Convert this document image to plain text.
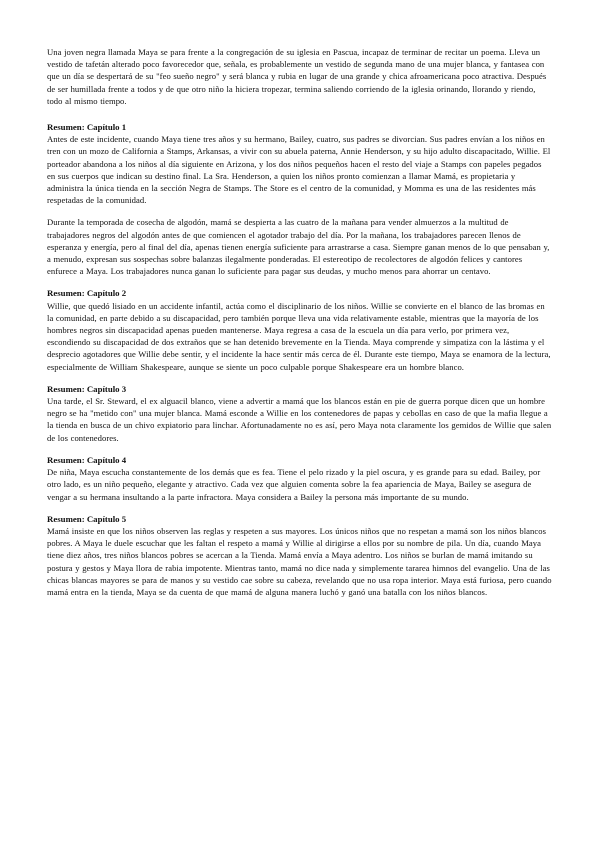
Una joven negra llamada Maya se para frente a la congregación de su iglesia en Pascua, incapaz de terminar de recitar un poema. Lleva un vestido de tafetán alterado poco favorecedor que, señala, es probablemente un vestido de segunda mano de una mujer blanca, y fantasea con que un día se despertará de su "feo sueño negro" y será blanca y rubia en lugar de una grande y chica afroamericana poco atractiva. Después de ser humillada frente a todos y de que otro niño la hiciera tropezar, termina saliendo corriendo de la iglesia orinando, llorando y riendo, todo al mismo tiempo.

Resumen: Capítulo 1

Antes de este incidente, cuando Maya tiene tres años y su hermano, Bailey, cuatro, sus padres se divorcian. Sus padres envían a los niños en tren con un mozo de California a Stamps, Arkansas, a vivir con su abuela paterna, Annie Henderson, y su hijo adulto discapacitado, Willie. El porteador abandona a los niños al día siguiente en Arizona, y los dos niños pequeños hacen el resto del viaje a Stamps con papeles pegados en sus cuerpos que indican su destino final. La Sra. Henderson, a quien los niños pronto comienzan a llamar Mamá, es propietaria y administra la única tienda en la sección Negra de Stamps. The Store es el centro de la comunidad, y Momma es una de las residentes más respetadas de la comunidad.

Durante la temporada de cosecha de algodón, mamá se despierta a las cuatro de la mañana para vender almuerzos a la multitud de trabajadores negros del algodón antes de que comiencen el agotador trabajo del día. Por la mañana, los trabajadores parecen llenos de esperanza y energía, pero al final del día, apenas tienen energía suficiente para arrastrarse a casa. Siempre ganan menos de lo que pensaban y, a menudo, expresan sus sospechas sobre balanzas ilegalmente ponderadas. El estereotipo de recolectores de algodón felices y cantores enfurece a Maya. Los trabajadores nunca ganan lo suficiente para pagar sus deudas, y mucho menos para ahorrar un centavo.

Resumen: Capítulo 2

Willie, que quedó lisiado en un accidente infantil, actúa como el disciplinario de los niños. Willie se convierte en el blanco de las bromas en la comunidad, en parte debido a su discapacidad, pero también porque lleva una vida relativamente estable, mientras que la mayoría de los hombres negros sin discapacidad apenas pueden mantenerse. Maya regresa a casa de la escuela un día para verlo, por primera vez, escondiendo su discapacidad de dos extraños que se han detenido brevemente en la Tienda. Maya comprende y simpatiza con la lástima y el desprecio agotadores que Willie debe sentir, y el incidente la hace sentir más cerca de él. Durante este tiempo, Maya se enamora de la lectura, especialmente de William Shakespeare, aunque se siente un poco culpable porque Shakespeare era un hombre blanco.

Resumen: Capítulo 3

Una tarde, el Sr. Steward, el ex alguacil blanco, viene a advertir a mamá que los blancos están en pie de guerra porque dicen que un hombre negro se ha "metido con" una mujer blanca. Mamá esconde a Willie en los contenedores de papas y cebollas en caso de que la mafia llegue a la tienda en busca de un chivo expiatorio para linchar. Afortunadamente no es así, pero Maya nota claramente los gemidos de Willie que salen de los contenedores.

Resumen: Capítulo 4

De niña, Maya escucha constantemente de los demás que es fea. Tiene el pelo rizado y la piel oscura, y es grande para su edad. Bailey, por otro lado, es un niño pequeño, elegante y atractivo. Cada vez que alguien comenta sobre la fea apariencia de Maya, Bailey se asegura de vengar a su hermana insultando a la parte infractora. Maya considera a Bailey la persona más importante de su mundo.

Resumen: Capítulo 5

Mamá insiste en que los niños observen las reglas y respeten a sus mayores. Los únicos niños que no respetan a mamá son los niños blancos pobres. A Maya le duele escuchar que les faltan el respeto a mamá y Willie al dirigirse a ellos por su nombre de pila. Un día, cuando Maya tiene diez años, tres niños blancos pobres se acercan a la Tienda. Mamá envía a Maya adentro. Los niños se burlan de mamá imitando su postura y gestos y Maya llora de rabia impotente. Mientras tanto, mamá no dice nada y simplemente tararea himnos del evangelio. Una de las chicas blancas mayores se para de manos y su vestido cae sobre su cabeza, revelando que no usa ropa interior. Maya está furiosa, pero cuando mamá entra en la tienda, Maya se da cuenta de que mamá de alguna manera luchó y ganó una batalla con los niños blancos.
